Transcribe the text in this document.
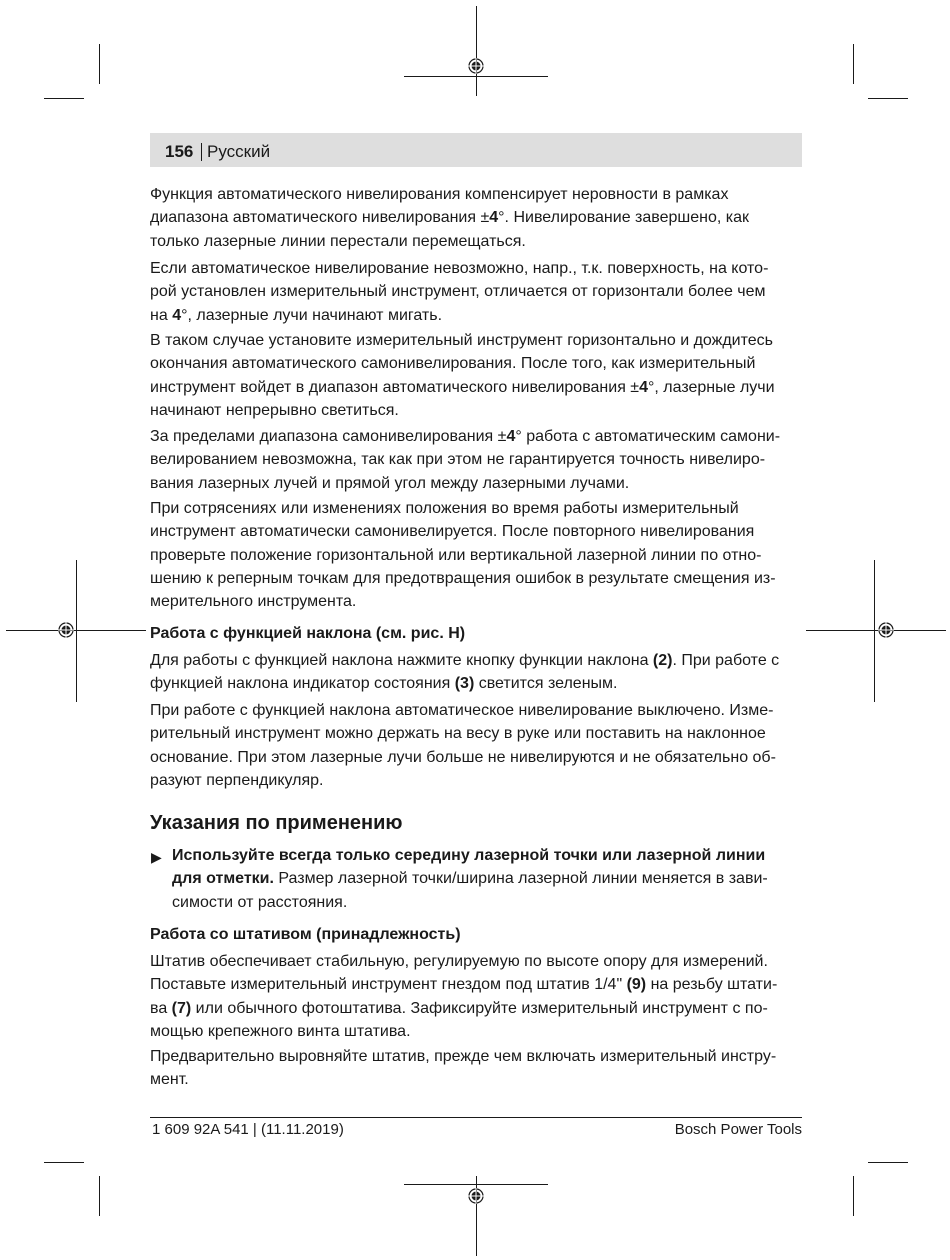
156 Русский

Функция автоматического нивелирования компенсирует неровности в рамках
диапазона автоматического нивелирования ±4°. Нивелирование завершено, как
только лазерные линии перестали перемещаться.

Если автоматическое нивелирование невозможно, напр., т.к. поверхность, на кото-
рой установлен измерительный инструмент, отличается от горизонтали более чем
на 4°, лазерные лучи начинают мигать.

В таком случае установите измерительный инструмент горизонтально и дождитесь
окончания автоматического самонивелирования. После того, как измерительный
инструмент войдет в диапазон автоматического нивелирования ±4°, лазерные лучи
начинают непрерывно светиться.

За пределами диапазона самонивелирования ±4° работа с автоматическим самони-
велированием невозможна, так как при этом не гарантируется точность нивелиро-
вания лазерных лучей и прямой угол между лазерными лучами.

При сотрясениях или изменениях положения во время работы измерительный
инструмент автоматически самонивелируется. После повторного нивелирования
проверьте положение горизонтальной или вертикальной лазерной линии по отно-
шению к реперным точкам для предотвращения ошибок в результате смещения из-
мерительного инструмента.

Работа с функцией наклона (см. рис. H)

Для работы с функцией наклона нажмите кнопку функции наклона (2). При работе с
функцией наклона индикатор состояния (3) светится зеленым.

При работе с функцией наклона автоматическое нивелирование выключено. Изме-
рительный инструмент можно держать на весу в руке или поставить на наклонное
основание. При этом лазерные лучи больше не нивелируются и не обязательно об-
разуют перпендикуляр.

Указания по применению
▶ Используйте всегда только середину лазерной точки или лазерной линии
для отметки. Размер лазерной точки/ширина лазерной линии меняется в зави-
симости от расстояния.

Работа со штативом (принадлежность)

Штатив обеспечивает стабильную, регулируемую по высоте опору для измерений.
Поставьте измерительный инструмент гнездом под штатив 1/4" (9) на резьбу штати-
ва (7) или обычного фотоштатива. Зафиксируйте измерительный инструмент с по-
мощью крепежного винта штатива.

Предварительно выровняйте штатив, прежде чем включать измерительный инстру-
мент.

1 609 92A 541 | (11.11.2019)	Bosch Power Tools
